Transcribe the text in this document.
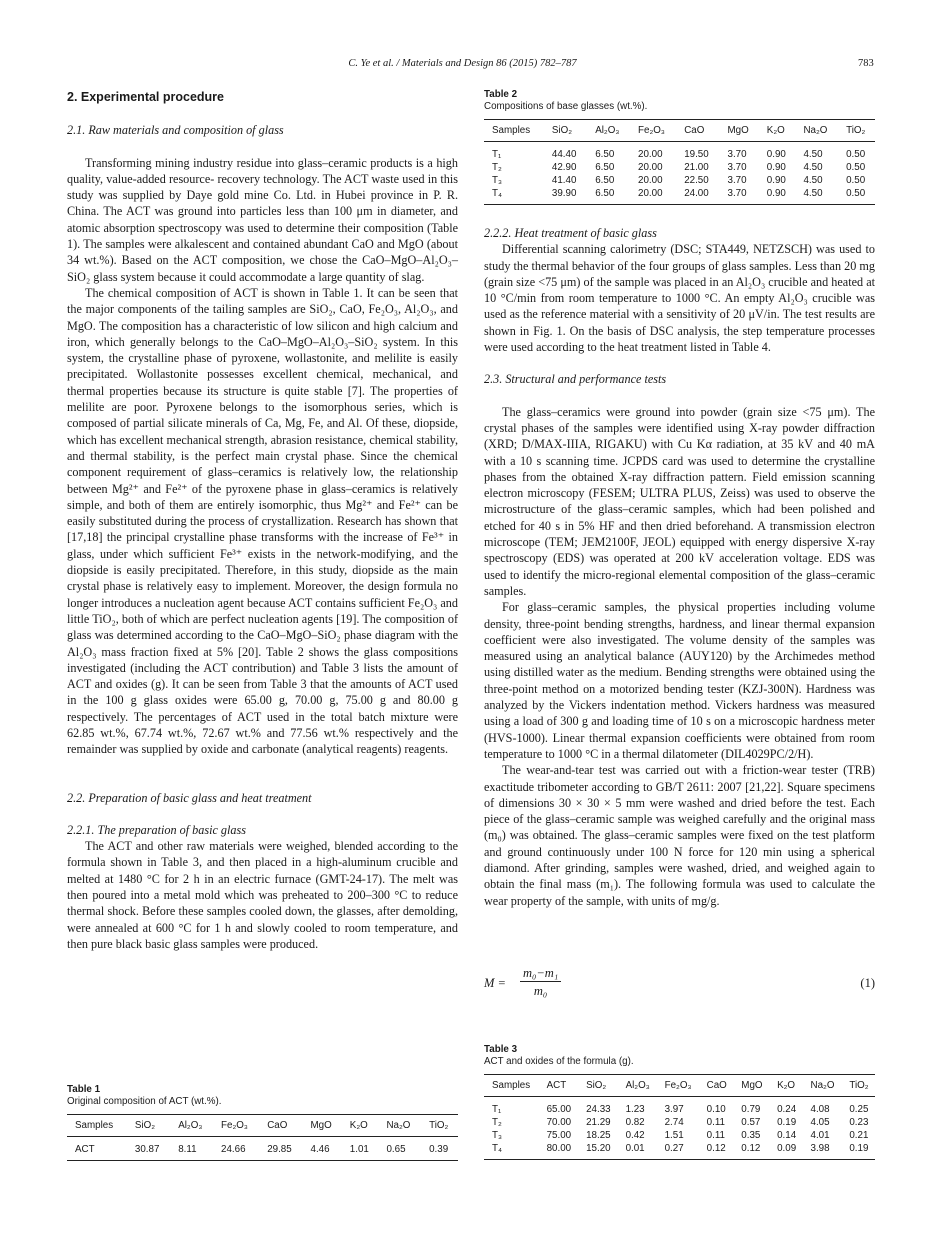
C. Ye et al. / Materials and Design 86 (2015) 782–787	783
2. Experimental procedure
2.1. Raw materials and composition of glass

Transforming mining industry residue into glass–ceramic products is a high quality, value-added resource- recovery technology. The ACT waste used in this study was supplied by Daye gold mine Co. Ltd. in Hubei province in P. R. China. The ACT was ground into particles less than 100 μm in diameter, and atomic absorption spectroscopy was used to determine their composition (Table 1). The samples were alkalescent and contained abundant CaO and MgO (about 34 wt.%). Based on the ACT composition, we chose the CaO–MgO–Al₂O₃–SiO₂ glass system because it could accommodate a large quantity of slag.

The chemical composition of ACT is shown in Table 1. It can be seen that the major components of the tailing samples are SiO₂, CaO, Fe₂O₃, Al₂O₃, and MgO. The composition has a characteristic of low silicon and high calcium and iron, which generally belongs to the CaO–MgO–Al₂O₃–SiO₂ system. In this system, the crystalline phase of pyroxene, wollastonite, and melilite is easily precipitated. Wollastonite possesses excellent chemical, mechanical, and thermal properties because its structure is quite stable [7]. The properties of melilite are poor. Pyroxene belongs to the isomorphous series, which is composed of partial silicate minerals of Ca, Mg, Fe, and Al. Of these, diopside, which has excellent mechanical strength, abrasion resistance, chemical stability, and thermal stability, is the perfect main crystal phase. Since the chemical component requirement of glass–ceramics is relatively low, the relationship between Mg²⁺ and Fe²⁺ of the pyroxene phase in glass–ceramics is relatively simple, and both of them are entirely isomorphic, thus Mg²⁺ and Fe²⁺ can be easily substituted during the process of crystallization. Research has shown that [17,18] the principal crystalline phase transforms with the increase of Fe³⁺ in glass, under which sufficient Fe³⁺ exists in the network-modifying, and the diopside is easily precipitated. Therefore, in this study, diopside as the main crystal phase is relatively easy to implement. Moreover, the design formula no longer introduces a nucleation agent because ACT contains sufficient Fe₂O₃ and little TiO₂, both of which are perfect nucleation agents [19]. The composition of glass was determined according to the CaO–MgO–SiO₂ phase diagram with the Al₂O₃ mass fraction fixed at 5% [20]. Table 2 shows the glass compositions investigated (including the ACT contribution) and Table 3 lists the amount of ACT and oxides (g). It can be seen from Table 3 that the amounts of ACT used in the 100 g glass oxides were 65.00 g, 70.00 g, 75.00 g and 80.00 g respectively. The percentages of ACT used in the total batch mixture were 62.85 wt.%, 67.74 wt.%, 72.67 wt.% and 77.56 wt.% respectively and the remainder was supplied by oxide and carbonate (analytical reagents) reagents.

2.2. Preparation of basic glass and heat treatment
2.2.1. The preparation of basic glass

The ACT and other raw materials were weighed, blended according to the formula shown in Table 3, and then placed in a high-aluminum crucible and melted at 1480 °C for 2 h in an electric furnace (GMT-24-17). The melt was then poured into a metal mold which was preheated to 200–300 °C to reduce thermal shock. Before these samples cooled down, the glasses, after demolding, were annealed at 600 °C for 1 h and slowly cooled to room temperature, and then pure black basic glass samples were produced.

Table 1
Original composition of ACT (wt.%).
Samples	SiO₂	Al₂O₃	Fe₂O₃	CaO	MgO	K₂O	Na₂O	TiO₂
ACT	30.87	8.11	24.66	29.85	4.46	1.01	0.65	0.39
Table 2
Compositions of base glasses (wt.%).
Samples	SiO₂	Al₂O₃	Fe₂O₃	CaO	MgO	K₂O	Na₂O	TiO₂
T₁	44.40	6.50	20.00	19.50	3.70	0.90	4.50	0.50
T₂	42.90	6.50	20.00	21.00	3.70	0.90	4.50	0.50
T₃	41.40	6.50	20.00	22.50	3.70	0.90	4.50	0.50
T₄	39.90	6.50	20.00	24.00	3.70	0.90	4.50	0.50
2.2.2. Heat treatment of basic glass

Differential scanning calorimetry (DSC; STA449, NETZSCH) was used to study the thermal behavior of the four groups of glass samples. Less than 20 mg (grain size <75 μm) of the sample was placed in an Al₂O₃ crucible and heated at 10 °C/min from room temperature to 1000 °C. An empty Al₂O₃ crucible was used as the reference material with a sensitivity of 20 μV/in. The test results are shown in Fig. 1. On the basis of DSC analysis, the step temperature processes were used according to the heat treatment listed in Table 4.

2.3. Structural and performance tests

The glass–ceramics were ground into powder (grain size <75 μm). The crystal phases of the samples were identified using X-ray powder diffraction (XRD; D/MAX-IIIA, RIGAKU) with Cu Kα radiation, at 35 kV and 40 mA with a 10 s scanning time. JCPDS card was used to determine the crystalline phases from the obtained X-ray diffraction pattern. Field emission scanning electron microscopy (FESEM; ULTRA PLUS, Zeiss) was used to observe the microstructure of the glass–ceramic samples, which had been polished and etched for 40 s in 5% HF and then dried beforehand. A transmission electron microscope (TEM; JEM2100F, JEOL) equipped with energy dispersive X-ray spectroscopy (EDS) was operated at 200 kV acceleration voltage. EDS was used to identify the micro-regional elemental composition of the glass–ceramic samples.

For glass–ceramic samples, the physical properties including volume density, three-point bending strengths, hardness, and linear thermal expansion coefficient were also investigated. The volume density of the samples was measured using an analytical balance (AUY120) by the Archimedes method using distilled water as the medium. Bending strengths were obtained using the three-point method on a motorized bending tester (KZJ-300N). Hardness was analyzed by the Vickers indentation method. Vickers hardness was measured using a load of 300 g and loading time of 10 s on a microscopic hardness meter (HVS-1000). Linear thermal expansion coefficients were obtained from room temperature to 1000 °C in a thermal dilatometer (DIL4029PC/2/H).

The wear-and-tear test was carried out with a friction-wear tester (TRB) exactitude tribometer according to GB/T 2611: 2007 [21,22]. Square specimens of dimensions 30 × 30 × 5 mm were washed and dried before the test. Each piece of the glass–ceramic sample was weighed carefully and the original mass (m₀) was obtained. The glass–ceramic samples were fixed on the test platform and ground continuously under 100 N force for 120 min using a spherical diamond. After grinding, samples were washed, dried, and weighed again to obtain the final mass (m₁). The following formula was used to calculate the wear property of the sample, with units of mg/g.

$M = \frac{\text{m₀−m₁}}{\text{m₀}}$	(1)
Table 3
ACT and oxides of the formula (g).
Samples	ACT	SiO₂	Al₂O₃	Fe₂O₃	CaO	MgO	K₂O	Na₂O	TiO₂
T₁	65.00	24.33	1.23	3.97	0.10	0.79	0.24	4.08	0.25
T₂	70.00	21.29	0.82	2.74	0.11	0.57	0.19	4.05	0.23
T₃	75.00	18.25	0.42	1.51	0.11	0.35	0.14	4.01	0.21
T₄	80.00	15.20	0.01	0.27	0.12	0.12	0.09	3.98	0.19
